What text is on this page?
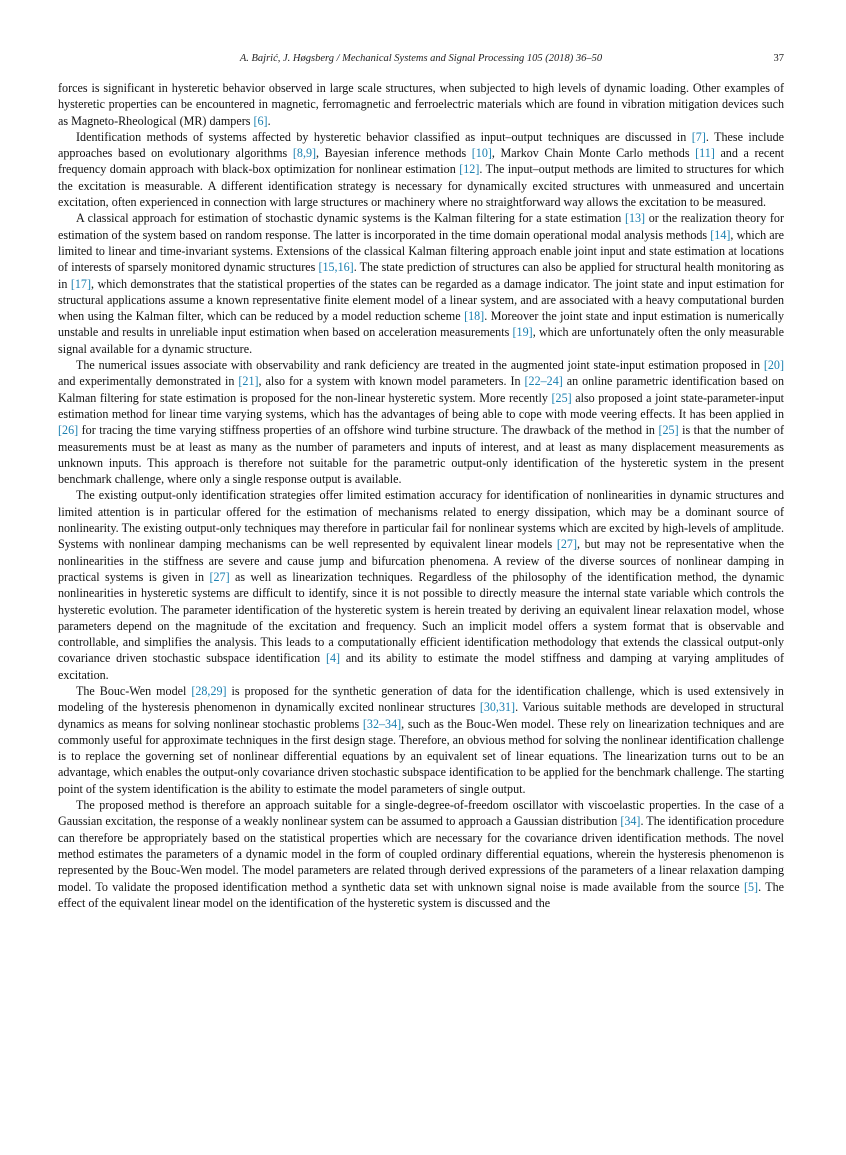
A. Bajrić, J. Høgsberg / Mechanical Systems and Signal Processing 105 (2018) 36–50	37

forces is significant in hysteretic behavior observed in large scale structures, when subjected to high levels of dynamic loading. Other examples of hysteretic properties can be encountered in magnetic, ferromagnetic and ferroelectric materials which are found in vibration mitigation devices such as Magneto-Rheological (MR) dampers [6].

Identification methods of systems affected by hysteretic behavior classified as input–output techniques are discussed in [7]. These include approaches based on evolutionary algorithms [8,9], Bayesian inference methods [10], Markov Chain Monte Carlo methods [11] and a recent frequency domain approach with black-box optimization for nonlinear estimation [12]. The input–output methods are limited to structures for which the excitation is measurable. A different identification strategy is necessary for dynamically excited structures with unmeasured and uncertain excitation, often experienced in connection with large structures or machinery where no straightforward way allows the excitation to be measured.

A classical approach for estimation of stochastic dynamic systems is the Kalman filtering for a state estimation [13] or the realization theory for estimation of the system based on random response. The latter is incorporated in the time domain operational modal analysis methods [14], which are limited to linear and time-invariant systems. Extensions of the classical Kalman filtering approach enable joint input and state estimation at locations of interests of sparsely monitored dynamic structures [15,16]. The state prediction of structures can also be applied for structural health monitoring as in [17], which demonstrates that the statistical properties of the states can be regarded as a damage indicator. The joint state and input estimation for structural applications assume a known representative finite element model of a linear system, and are associated with a heavy computational burden when using the Kalman filter, which can be reduced by a model reduction scheme [18]. Moreover the joint state and input estimation is numerically unstable and results in unreliable input estimation when based on acceleration measurements [19], which are unfortunately often the only measurable signal available for a dynamic structure.

The numerical issues associate with observability and rank deficiency are treated in the augmented joint state-input estimation proposed in [20] and experimentally demonstrated in [21], also for a system with known model parameters. In [22–24] an online parametric identification based on Kalman filtering for state estimation is proposed for the non-linear hysteretic system. More recently [25] also proposed a joint state-parameter-input estimation method for linear time varying systems, which has the advantages of being able to cope with mode veering effects. It has been applied in [26] for tracing the time varying stiffness properties of an offshore wind turbine structure. The drawback of the method in [25] is that the number of measurements must be at least as many as the number of parameters and inputs of interest, and at least as many displacement measurements as unknown inputs. This approach is therefore not suitable for the parametric output-only identification of the hysteretic system in the present benchmark challenge, where only a single response output is available.

The existing output-only identification strategies offer limited estimation accuracy for identification of nonlinearities in dynamic structures and limited attention is in particular offered for the estimation of mechanisms related to energy dissipation, which may be a dominant source of nonlinearity. The existing output-only techniques may therefore in particular fail for nonlinear systems which are excited by high-levels of amplitude. Systems with nonlinear damping mechanisms can be well represented by equivalent linear models [27], but may not be representative when the nonlinearities in the stiffness are severe and cause jump and bifurcation phenomena. A review of the diverse sources of nonlinear damping in practical systems is given in [27] as well as linearization techniques. Regardless of the philosophy of the identification method, the dynamic nonlinearities in hysteretic systems are difficult to identify, since it is not possible to directly measure the internal state variable which controls the hysteretic evolution. The parameter identification of the hysteretic system is herein treated by deriving an equivalent linear relaxation model, whose parameters depend on the magnitude of the excitation and frequency. Such an implicit model offers a system format that is observable and controllable, and simplifies the analysis. This leads to a computationally efficient identification methodology that extends the classical output-only covariance driven stochastic subspace identification [4] and its ability to estimate the model stiffness and damping at varying amplitudes of excitation.

The Bouc-Wen model [28,29] is proposed for the synthetic generation of data for the identification challenge, which is used extensively in modeling of the hysteresis phenomenon in dynamically excited nonlinear structures [30,31]. Various suitable methods are developed in structural dynamics as means for solving nonlinear stochastic problems [32–34], such as the Bouc-Wen model. These rely on linearization techniques and are commonly useful for approximate techniques in the first design stage. Therefore, an obvious method for solving the nonlinear identification challenge is to replace the governing set of nonlinear differential equations by an equivalent set of linear equations. The linearization turns out to be an advantage, which enables the output-only covariance driven stochastic subspace identification to be applied for the benchmark challenge. The starting point of the system identification is the ability to estimate the model parameters of single output.

The proposed method is therefore an approach suitable for a single-degree-of-freedom oscillator with viscoelastic properties. In the case of a Gaussian excitation, the response of a weakly nonlinear system can be assumed to approach a Gaussian distribution [34]. The identification procedure can therefore be appropriately based on the statistical properties which are necessary for the covariance driven identification methods. The novel method estimates the parameters of a dynamic model in the form of coupled ordinary differential equations, wherein the hysteresis phenomenon is represented by the Bouc-Wen model. The model parameters are related through derived expressions of the parameters of a linear relaxation damping model. To validate the proposed identification method a synthetic data set with unknown signal noise is made available from the source [5]. The effect of the equivalent linear model on the identification of the hysteretic system is discussed and the
